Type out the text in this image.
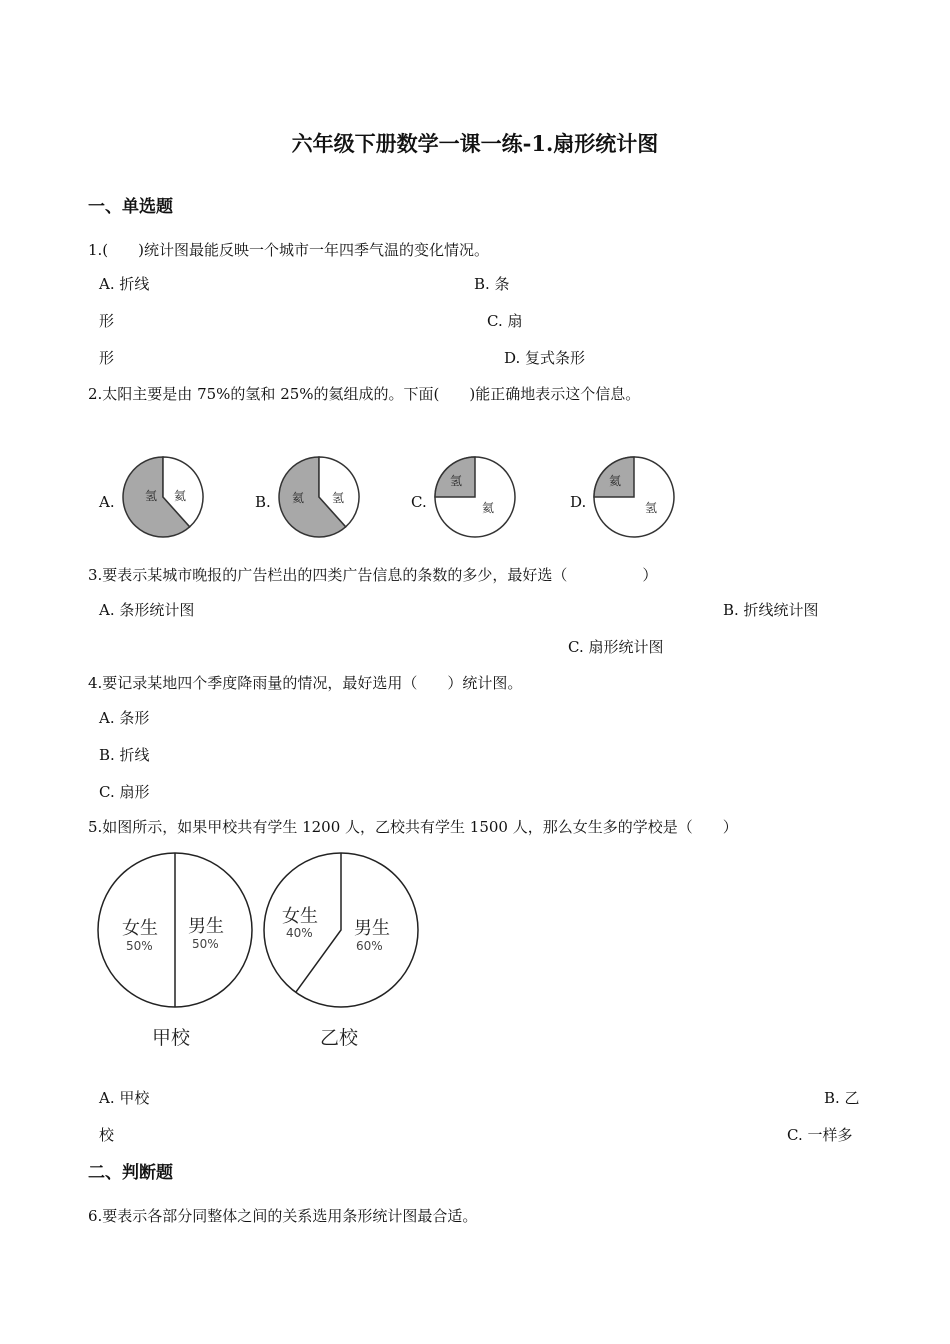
六年级下册数学一课一练-1.扇形统计图
一、单选题
1.(　　)统计图最能反映一个城市一年四季气温的变化情况。
A. 折线	B. 条
形	C. 扇
形	D. 复式条形
2.太阳主要是由 75%的氢和 25%的氦组成的。下面(　　)能正确地表示这个信息。
A.	氢 氦	B. 氦 氢	C.
氢
氦	D.
氦
氢
3.要表示某城市晚报的广告栏出的四类广告信息的条数的多少，最好选（　　　　　）
A. 条形统计图	B. 折线统计图
C. 扇形统计图
4.要记录某地四个季度降雨量的情况，最好选用（　　）统计图。
A. 条形
B. 折线
C. 扇形
5.如图所示，如果甲校共有学生 1200 人，乙校共有学生 1500 人，那么女生多的学校是（　　）
女生
50%
男生
50%
甲校
女生
40% 男生
60%
乙校
A. 甲校	B. 乙
校	C. 一样多
二、判断题
6.要表示各部分同整体之间的关系选用条形统计图最合适。
